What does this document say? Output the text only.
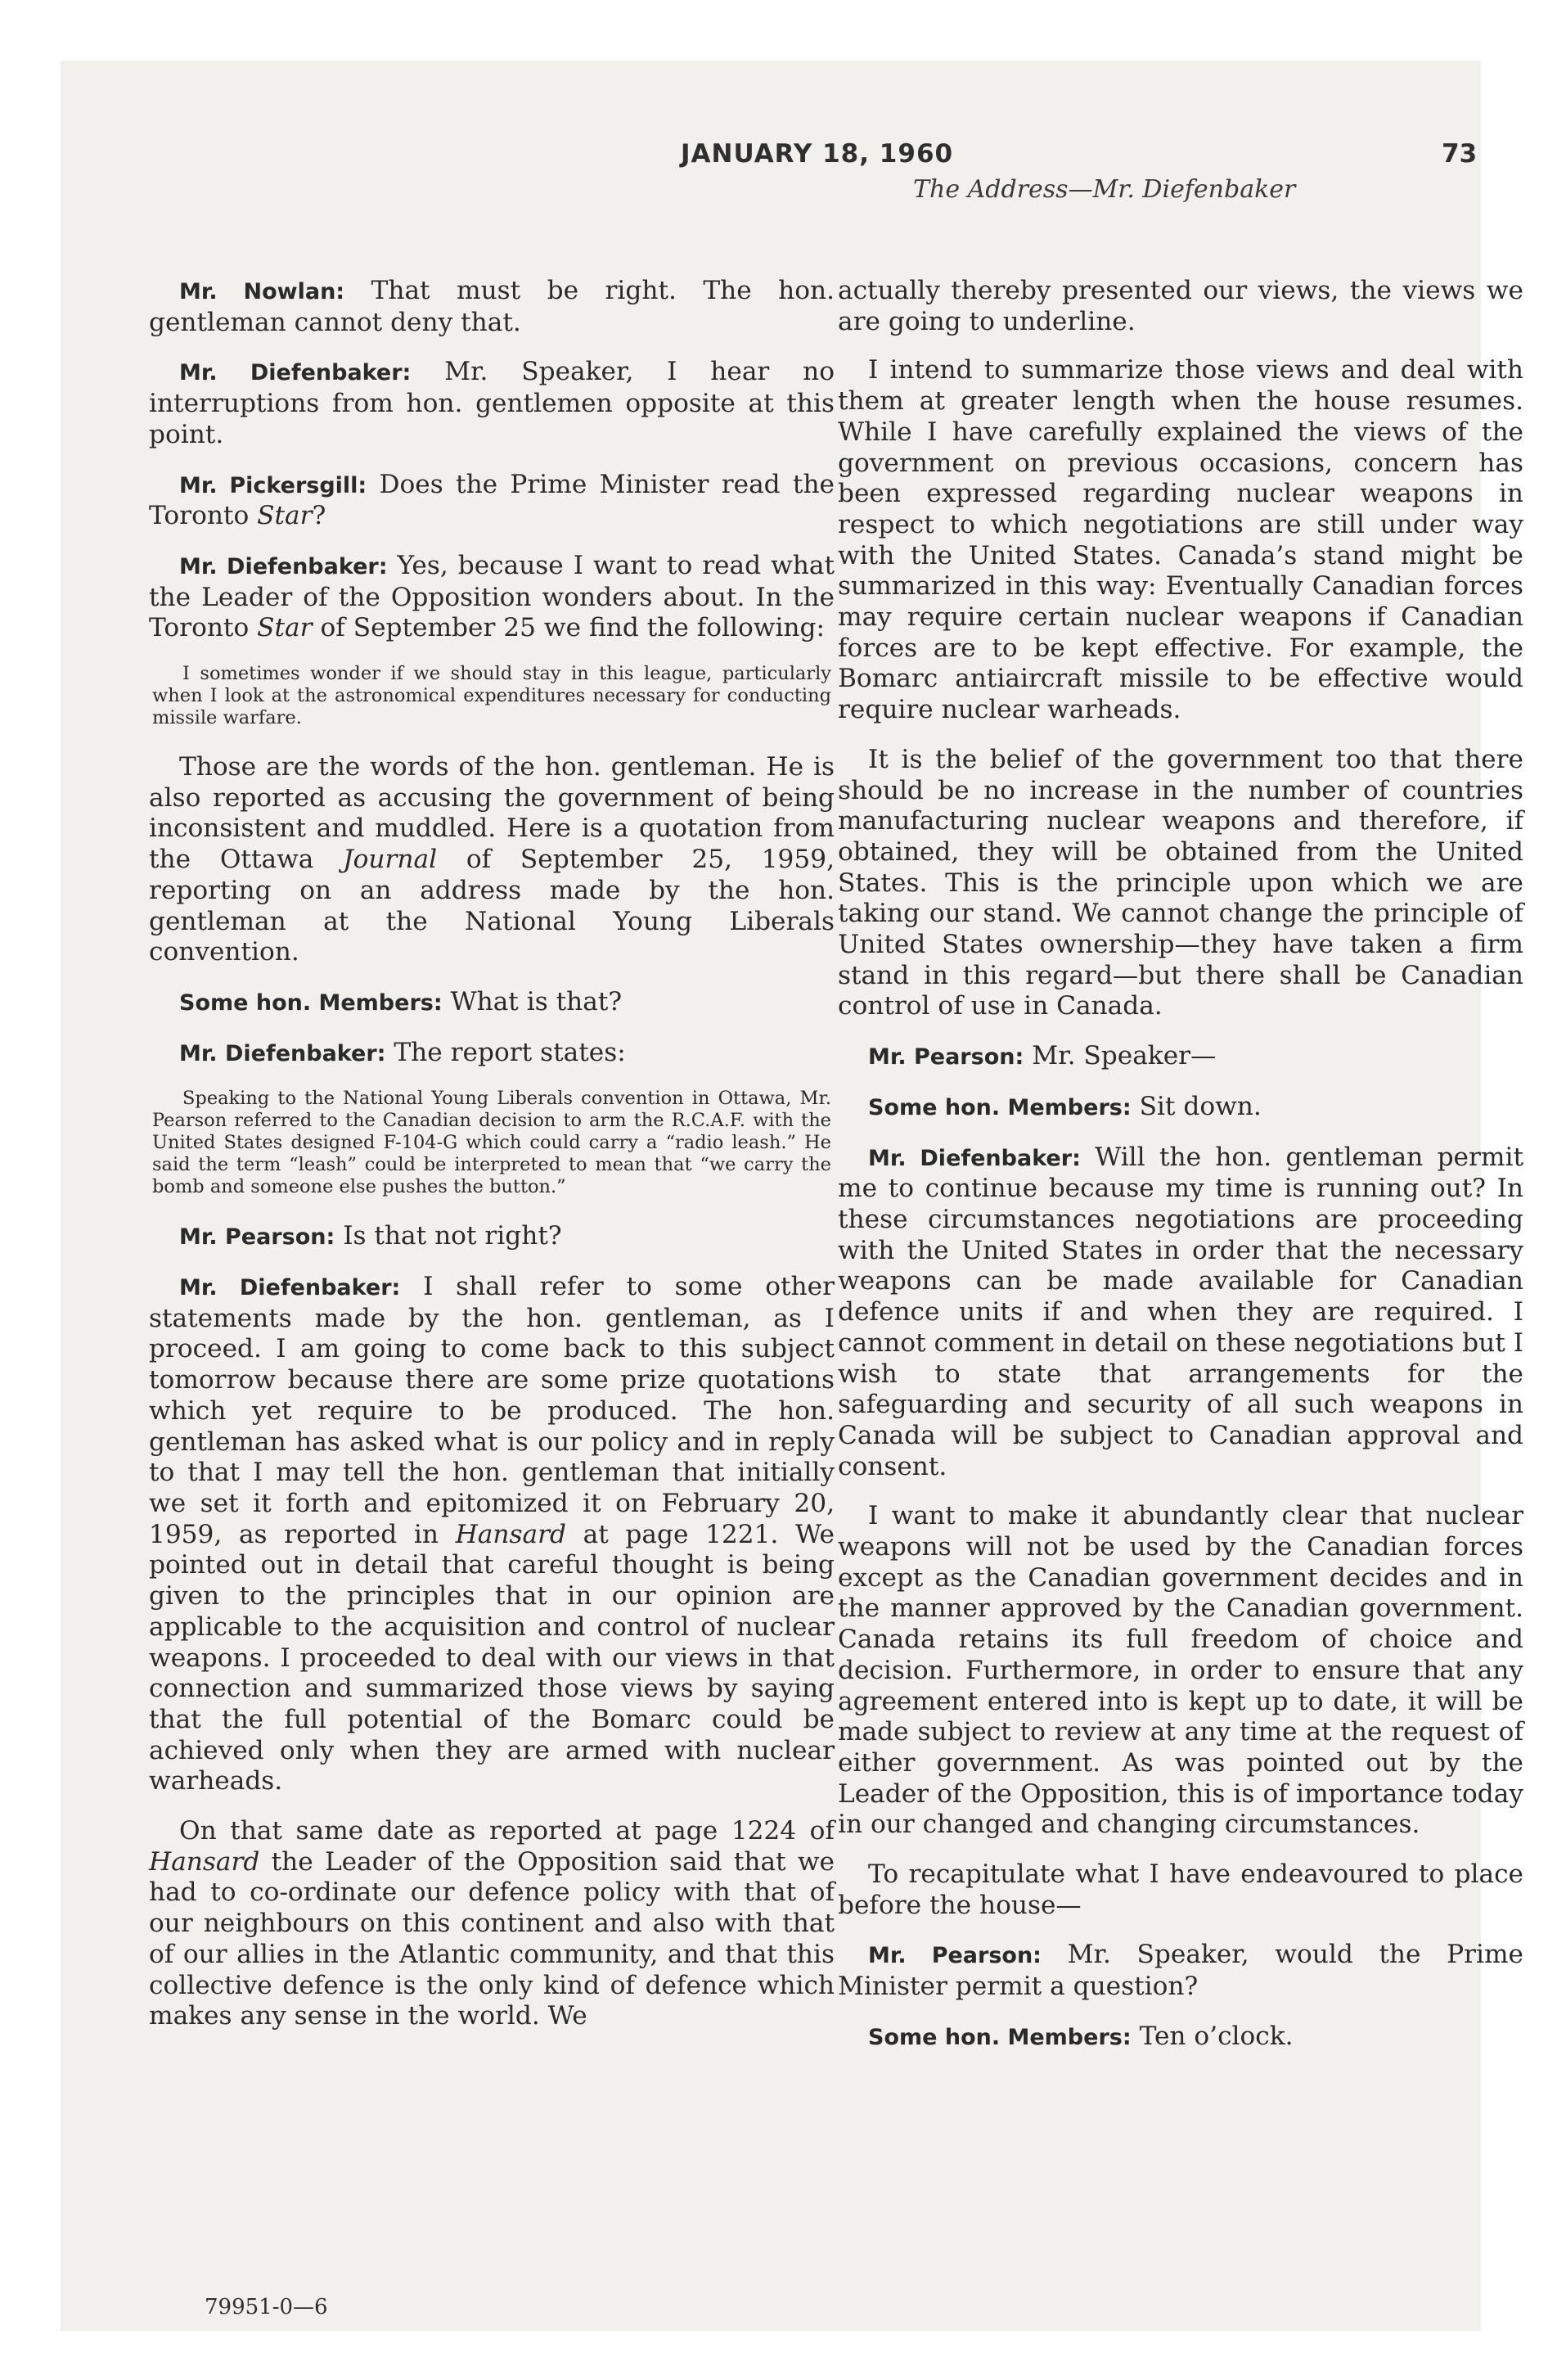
JANUARY 18, 1960	73
The Address—Mr. Diefenbaker

Mr. Nowlan: That must be right. The hon. gentleman cannot deny that.

Mr. Diefenbaker: Mr. Speaker, I hear no interruptions from hon. gentlemen opposite at this point.

Mr. Pickersgill: Does the Prime Minister read the Toronto Star?

Mr. Diefenbaker: Yes, because I want to read what the Leader of the Opposition wonders about. In the Toronto Star of September 25 we find the following:

I sometimes wonder if we should stay in this league, particularly when I look at the astronomical expenditures necessary for conducting missile warfare.

Those are the words of the hon. gentleman. He is also reported as accusing the government of being inconsistent and muddled. Here is a quotation from the Ottawa Journal of September 25, 1959, reporting on an address made by the hon. gentleman at the National Young Liberals convention.

Some hon. Members: What is that?

Mr. Diefenbaker: The report states:

Speaking to the National Young Liberals convention in Ottawa, Mr. Pearson referred to the Canadian decision to arm the R.C.A.F. with the United States designed F-104-G which could carry a “radio leash.” He said the term “leash” could be interpreted to mean that “we carry the bomb and someone else pushes the button.”

Mr. Pearson: Is that not right?

Mr. Diefenbaker: I shall refer to some other statements made by the hon. gentleman, as I proceed. I am going to come back to this subject tomorrow because there are some prize quotations which yet require to be produced. The hon. gentleman has asked what is our policy and in reply to that I may tell the hon. gentleman that initially we set it forth and epitomized it on February 20, 1959, as reported in Hansard at page 1221. We pointed out in detail that careful thought is being given to the principles that in our opinion are applicable to the acquisition and control of nuclear weapons. I proceeded to deal with our views in that connection and summarized those views by saying that the full potential of the Bomarc could be achieved only when they are armed with nuclear warheads.

On that same date as reported at page 1224 of Hansard the Leader of the Opposition said that we had to co-ordinate our defence policy with that of our neighbours on this continent and also with that of our allies in the Atlantic community, and that this collective defence is the only kind of defence which makes any sense in the world. We

79951-0—6

actually thereby presented our views, the views we are going to underline.

I intend to summarize those views and deal with them at greater length when the house resumes. While I have carefully explained the views of the government on previous occasions, concern has been expressed regarding nuclear weapons in respect to which negotiations are still under way with the United States. Canada’s stand might be summarized in this way: Eventually Canadian forces may require certain nuclear weapons if Canadian forces are to be kept effective. For example, the Bomarc antiaircraft missile to be effective would require nuclear warheads.

It is the belief of the government too that there should be no increase in the number of countries manufacturing nuclear weapons and therefore, if obtained, they will be obtained from the United States. This is the principle upon which we are taking our stand. We cannot change the principle of United States ownership—they have taken a firm stand in this regard—but there shall be Canadian control of use in Canada.

Mr. Pearson: Mr. Speaker—

Some hon. Members: Sit down.

Mr. Diefenbaker: Will the hon. gentleman permit me to continue because my time is running out? In these circumstances negotiations are proceeding with the United States in order that the necessary weapons can be made available for Canadian defence units if and when they are required. I cannot comment in detail on these negotiations but I wish to state that arrangements for the safeguarding and security of all such weapons in Canada will be subject to Canadian approval and consent.

I want to make it abundantly clear that nuclear weapons will not be used by the Canadian forces except as the Canadian government decides and in the manner approved by the Canadian government. Canada retains its full freedom of choice and decision. Furthermore, in order to ensure that any agreement entered into is kept up to date, it will be made subject to review at any time at the request of either government. As was pointed out by the Leader of the Opposition, this is of importance today in our changed and changing circumstances.

To recapitulate what I have endeavoured to place before the house—

Mr. Pearson: Mr. Speaker, would the Prime Minister permit a question?

Some hon. Members: Ten o’clock.
